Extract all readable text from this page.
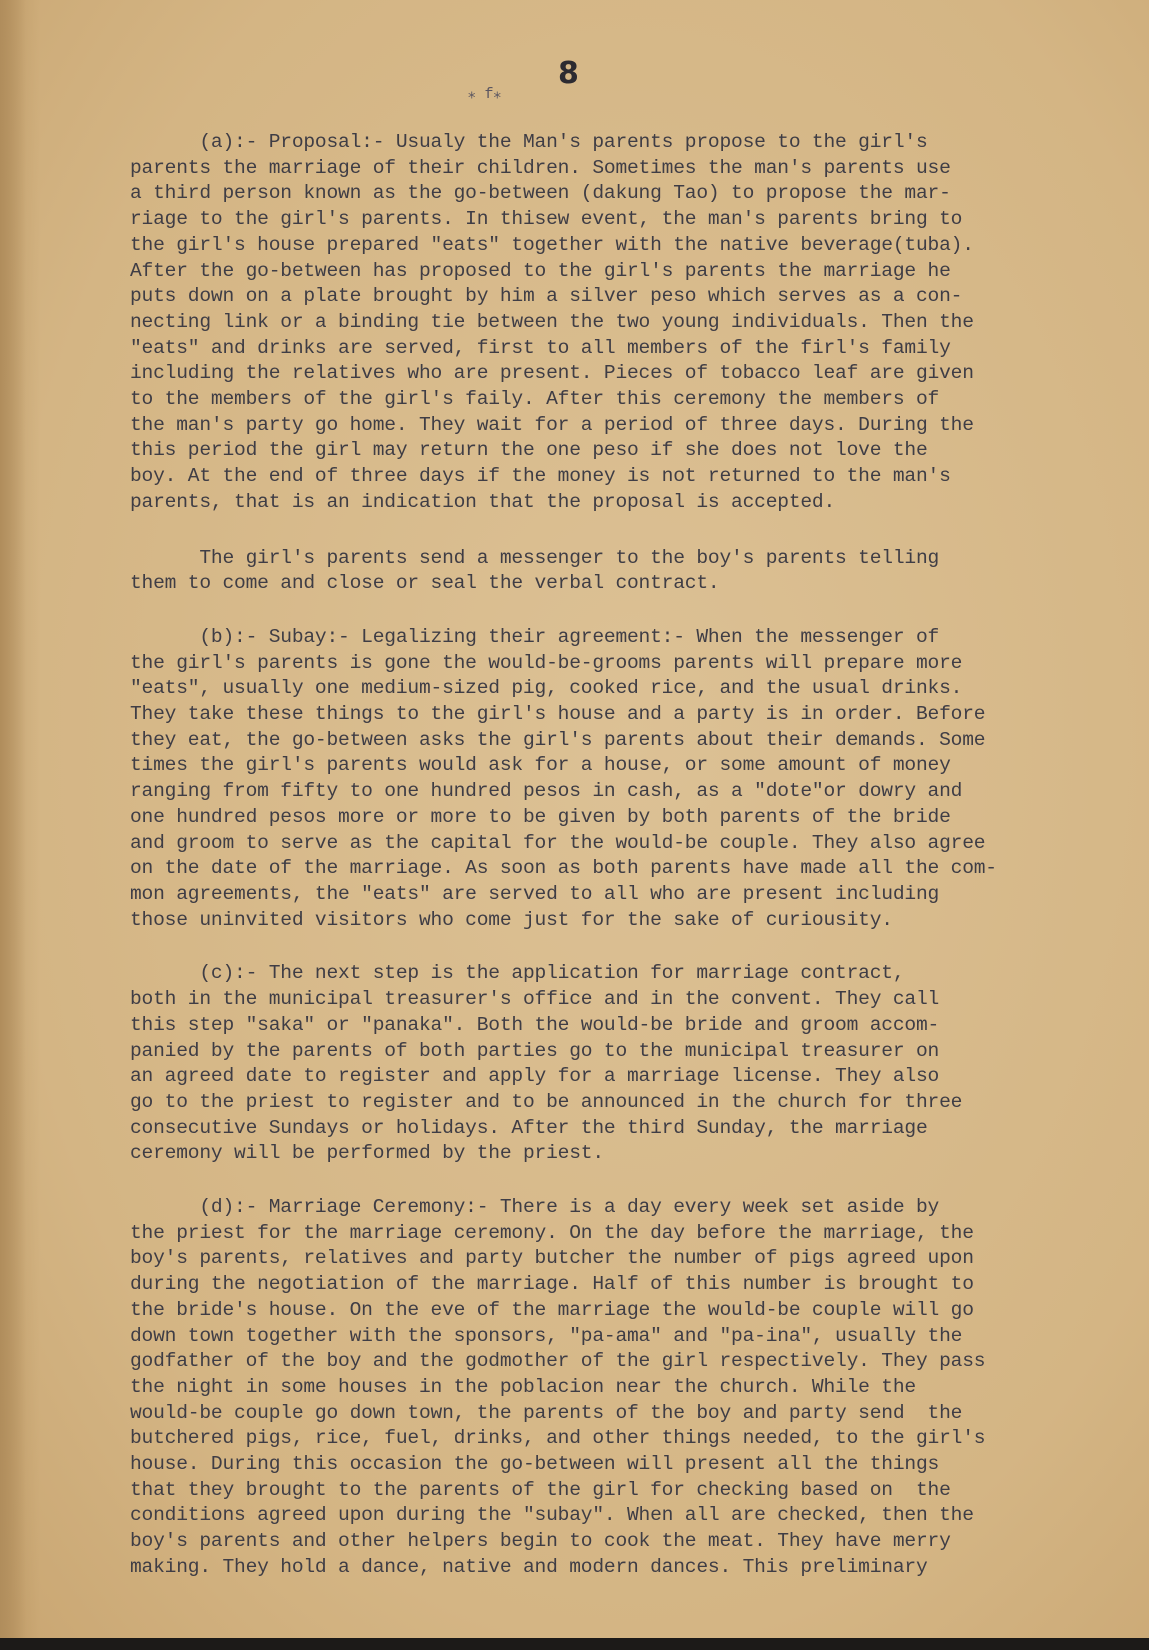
⁎ f⁎
8

(a):- Proposal:- Usualy the Man's parents propose to the girl's

parents the marriage of their children. Sometimes the man's parents use

a third person known as the go-between (dakung Tao) to propose the mar-

riage to the girl's parents. In thisew event, the man's parents bring to

the girl's house prepared "eats" together with the native beverage(tuba).

After the go-between has proposed to the girl's parents the marriage he

puts down on a plate brought by him a silver peso which serves as a con-

necting link or a binding tie between the two young individuals. Then the

"eats" and drinks are served, first to all members of the firl's family

including the relatives who are present. Pieces of tobacco leaf are given

to the members of the girl's faily. After this ceremony the members of

the man's party go home. They wait for a period of three days. During the

this period the girl may return the one peso if she does not love the

boy. At the end of three days if the money is not returned to the man's

parents, that is an indication that the proposal is accepted.

The girl's parents send a messenger to the boy's parents telling

them to come and close or seal the verbal contract.

(b):- Subay:- Legalizing their agreement:- When the messenger of

the girl's parents is gone the would-be-grooms parents will prepare more

"eats", usually one medium-sized pig, cooked rice, and the usual drinks.

They take these things to the girl's house and a party is in order. Before

they eat, the go-between asks the girl's parents about their demands. Some

times the girl's parents would ask for a house, or some amount of money

ranging from fifty to one hundred pesos in cash, as a "dote"or dowry and

one hundred pesos more or more to be given by both parents of the bride

and groom to serve as the capital for the would-be couple. They also agree

on the date of the marriage. As soon as both parents have made all the com-

mon agreements, the "eats" are served to all who are present including

those uninvited visitors who come just for the sake of curiousity.

(c):- The next step is the application for marriage contract,

both in the municipal treasurer's office and in the convent. They call

this step "saka" or "panaka". Both the would-be bride and groom accom-

panied by the parents of both parties go to the municipal treasurer on

an agreed date to register and apply for a marriage license. They also

go to the priest to register and to be announced in the church for three

consecutive Sundays or holidays. After the third Sunday, the marriage

ceremony will be performed by the priest.

(d):- Marriage Ceremony:- There is a day every week set aside by

the priest for the marriage ceremony. On the day before the marriage, the

boy's parents, relatives and party butcher the number of pigs agreed upon

during the negotiation of the marriage. Half of this number is brought to

the bride's house. On the eve of the marriage the would-be couple will go

down town together with the sponsors, "pa-ama" and "pa-ina", usually the

godfather of the boy and the godmother of the girl respectively. They pass

the night in some houses in the poblacion near the church. While the

would-be couple go down town, the parents of the boy and party send  the

butchered pigs, rice, fuel, drinks, and other things needed, to the girl's

house. During this occasion the go-between will present all the things

that they brought to the parents of the girl for checking based on  the

conditions agreed upon during the "subay". When all are checked, then the

boy's parents and other helpers begin to cook the meat. They have merry

making. They hold a dance, native and modern dances. This preliminary
